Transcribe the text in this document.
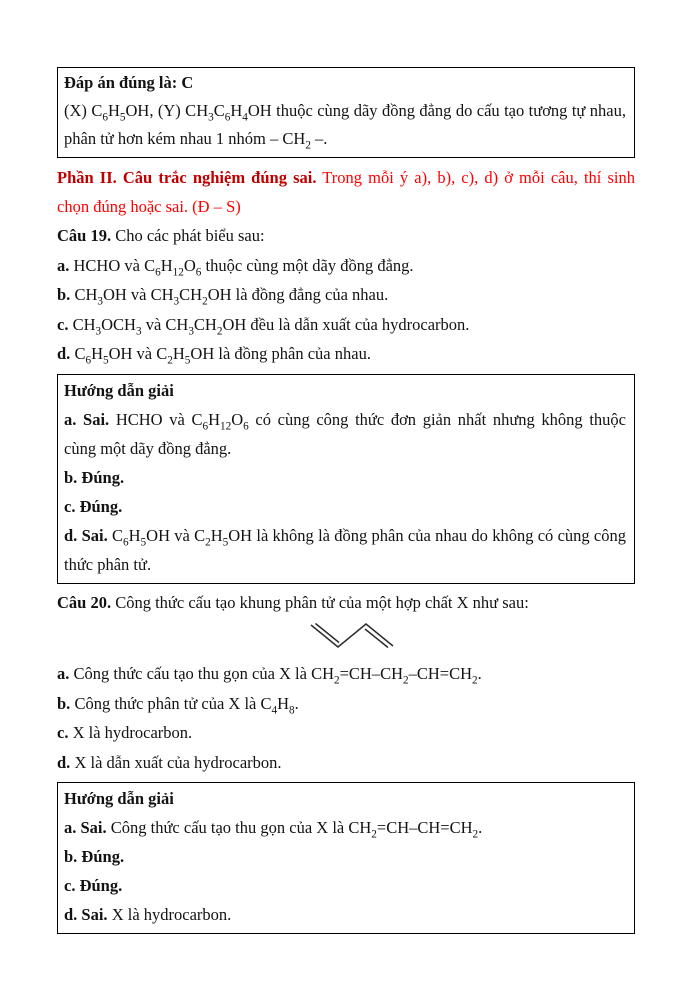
Đáp án đúng là: C

(X) $C_6H_5OH$, (Y) $CH_3C_6H_4OH$ thuộc cùng dãy đồng đẳng do cấu tạo tương tự nhau, phân tử hơn kém nhau 1 nhóm – $CH_2$ –.

Phần II. Câu trắc nghiệm đúng sai. Trong mỗi ý a), b), c), d) ở mỗi câu, thí sinh chọn đúng hoặc sai. (Đ – S)

Câu 19. Cho các phát biểu sau:

a. HCHO và $C_6H_{12}O_6$ thuộc cùng một dãy đồng đẳng.

b. $CH_3OH$ và $CH_3CH_2OH$ là đồng đẳng của nhau.

c. $CH_3OCH_3$ và $CH_3CH_2OH$ đều là dẫn xuất của hydrocarbon.

d. $C_6H_5OH$ và $C_2H_5OH$ là đồng phân của nhau.

Hướng dẫn giải

a. Sai. HCHO và $C_6H_{12}O_6$ có cùng công thức đơn giản nhất nhưng không thuộc cùng một dãy đồng đẳng.

b. Đúng.

c. Đúng.

d. Sai. $C_6H_5OH$ và $C_2H_5OH$ là không là đồng phân của nhau do không có cùng công thức phân tử.

Câu 20. Công thức cấu tạo khung phân tử của một hợp chất X như sau:

a. Công thức cấu tạo thu gọn của X là $CH_2=CH-CH_2-CH=CH_2$.

b. Công thức phân tử của X là $C_4H_8$.

c. X là hydrocarbon.

d. X là dẫn xuất của hydrocarbon.

Hướng dẫn giải

a. Sai. Công thức cấu tạo thu gọn của X là $CH_2=CH-CH=CH_2$.

b. Đúng.

c. Đúng.

d. Sai. X là hydrocarbon.
